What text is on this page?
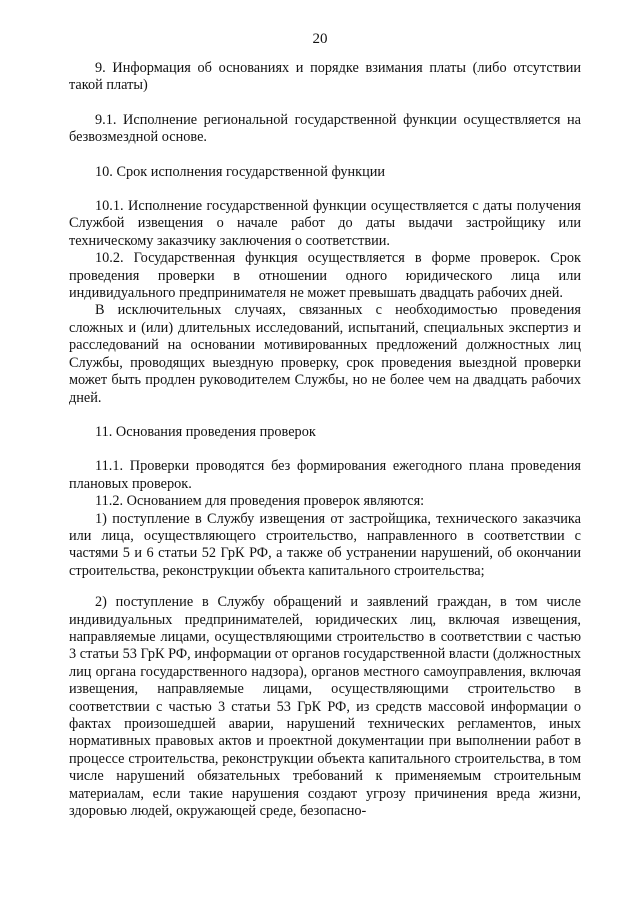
20

9. Информация об основаниях и порядке взимания платы (либо отсутствии такой платы)

9.1. Исполнение региональной государственной функции осуществляется на безвозмездной основе.

10. Срок исполнения государственной функции

10.1. Исполнение государственной функции осуществляется с даты получения Службой извещения о начале работ до даты выдачи застройщику или техническому заказчику заключения о соответствии.

10.2. Государственная функция осуществляется в форме проверок. Срок проведения проверки в отношении одного юридического лица или индивидуального предпринимателя не может превышать двадцать рабочих дней.

В исключительных случаях, связанных с необходимостью проведения сложных и (или) длительных исследований, испытаний, специальных экспертиз и расследований на основании мотивированных предложений должностных лиц Службы, проводящих выездную проверку, срок проведения выездной проверки может быть продлен руководителем Службы, но не более чем на двадцать рабочих дней.

11. Основания проведения проверок

11.1. Проверки проводятся без формирования ежегодного плана проведения плановых проверок.

11.2. Основанием для проведения проверок являются:

1) поступление в Службу извещения от застройщика, технического заказчика или лица, осуществляющего строительство, направленного в соответствии с частями 5 и 6 статьи 52 ГрК РФ, а также об устранении нарушений, об окончании строительства, реконструкции объекта капитального строительства;

2) поступление в Службу обращений и заявлений граждан, в том числе индивидуальных предпринимателей, юридических лиц, включая извещения, направляемые лицами, осуществляющими строительство в соответствии с частью 3 статьи 53 ГрК РФ, информации от органов государственной власти (должностных лиц органа государственного надзора), органов местного самоуправления, включая извещения, направляемые лицами, осуществляющими строительство в соответствии с частью 3 статьи 53 ГрК РФ, из средств массовой информации о фактах произошедшей аварии, нарушений технических регламентов, иных нормативных правовых актов и проектной документации при выполнении работ в процессе строительства, реконструкции объекта капитального строительства, в том числе нарушений обязательных требований к применяемым строительным материалам, если такие нарушения создают угрозу причинения вреда жизни, здоровью людей, окружающей среде, безопасно-
